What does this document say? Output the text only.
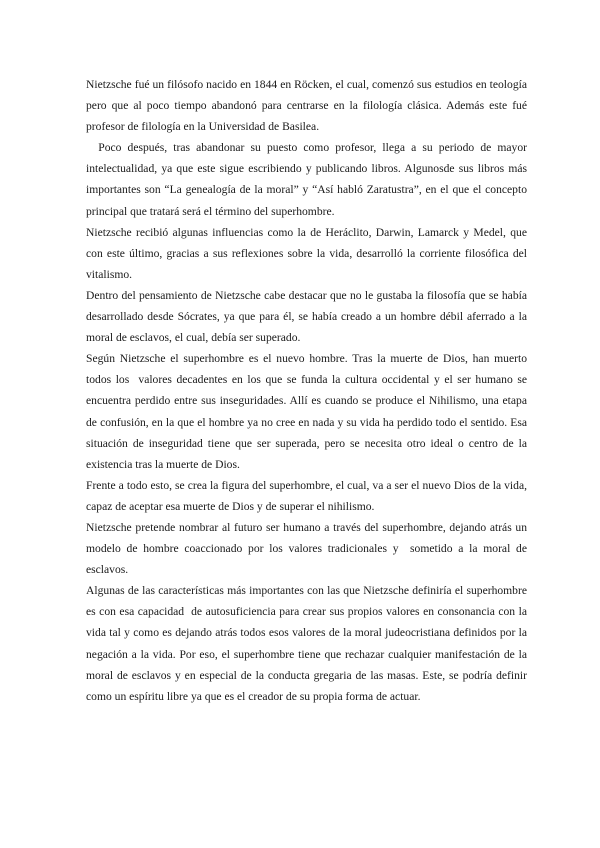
Nietzsche fué un filósofo nacido en 1844 en Röcken, el cual, comenzó sus estudios en teología pero que al poco tiempo abandonó para centrarse en la filología clásica. Además este fué profesor de filología en la Universidad de Basilea.

Poco después, tras abandonar su puesto como profesor, llega a su periodo de mayor intelectualidad, ya que este sigue escribiendo y publicando libros. Algunosde sus libros más importantes son “La genealogía de la moral” y “Así habló Zaratustra”, en el que el concepto principal que tratará será el término del superhombre.

Nietzsche recibió algunas influencias como la de Heráclito, Darwin, Lamarck y Medel, que con este último, gracias a sus reflexiones sobre la vida, desarrolló la corriente filosófica del vitalismo.

Dentro del pensamiento de Nietzsche cabe destacar que no le gustaba la filosofía que se había desarrollado desde Sócrates, ya que para él, se había creado a un hombre débil aferrado a la moral de esclavos, el cual, debía ser superado.

Según Nietzsche el superhombre es el nuevo hombre. Tras la muerte de Dios, han muerto todos los  valores decadentes en los que se funda la cultura occidental y el ser humano se encuentra perdido entre sus inseguridades. Allí es cuando se produce el Nihilismo, una etapa de confusión, en la que el hombre ya no cree en nada y su vida ha perdido todo el sentido. Esa situación de inseguridad tiene que ser superada, pero se necesita otro ideal o centro de la existencia tras la muerte de Dios.

Frente a todo esto, se crea la figura del superhombre, el cual, va a ser el nuevo Dios de la vida, capaz de aceptar esa muerte de Dios y de superar el nihilismo.

Nietzsche pretende nombrar al futuro ser humano a través del superhombre, dejando atrás un modelo de hombre coaccionado por los valores tradicionales y  sometido a la moral de esclavos.

Algunas de las características más importantes con las que Nietzsche definiría el superhombre es con esa capacidad  de autosuficiencia para crear sus propios valores en consonancia con la vida tal y como es dejando atrás todos esos valores de la moral judeocristiana definidos por la negación a la vida. Por eso, el superhombre tiene que rechazar cualquier manifestación de la moral de esclavos y en especial de la conducta gregaria de las masas. Este, se podría definir como un espíritu libre ya que es el creador de su propia forma de actuar.
